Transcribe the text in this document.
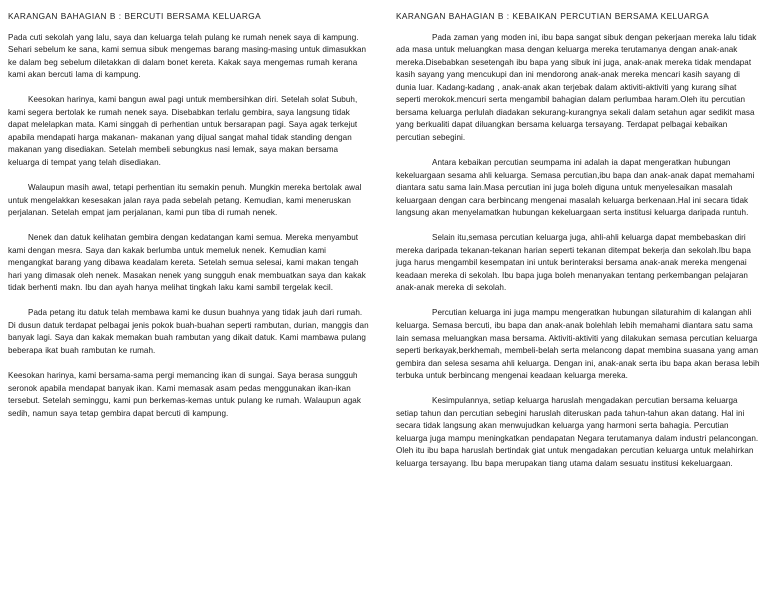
KARANGAN BAHAGIAN B : BERCUTI BERSAMA KELUARGA

Pada cuti sekolah yang lalu, saya dan keluarga telah pulang ke rumah nenek saya di kampung. Sehari sebelum ke sana, kami semua sibuk mengemas barang masing-masing untuk dimasukkan ke dalam beg sebelum diletakkan di dalam bonet kereta. Kakak saya mengemas rumah kerana kami akan bercuti lama di kampung.

Keesokan harinya, kami bangun awal pagi untuk membersihkan diri. Setelah solat Subuh, kami segera bertolak ke rumah nenek saya. Disebabkan terlalu gembira, saya langsung tidak dapat melelapkan mata. Kami singgah di perhentian untuk bersarapan pagi. Saya agak terkejut apabila mendapati harga makanan- makanan yang dijual sangat mahal tidak standing dengan makanan yang disediakan. Setelah membeli sebungkus nasi lemak, saya makan bersama keluarga di tempat yang telah disediakan.

Walaupun masih awal, tetapi perhentian itu semakin penuh. Mungkin mereka bertolak awal untuk mengelakkan kesesakan jalan raya pada sebelah petang. Kemudian, kami meneruskan perjalanan. Setelah empat jam perjalanan, kami pun tiba di rumah nenek.

Nenek dan datuk kelihatan gembira dengan kedatangan kami semua. Mereka menyambut kami dengan mesra. Saya dan kakak berlumba untuk memeluk nenek. Kemudian kami mengangkat barang yang dibawa keadalam kereta. Setelah semua selesai, kami makan tengah hari yang dimasak oleh nenek. Masakan nenek yang sungguh enak membuatkan saya dan kakak tidak berhenti makn. Ibu dan ayah hanya melihat tingkah laku kami sambil tergelak kecil.

Pada petang itu datuk telah membawa kami ke dusun buahnya yang tidak jauh dari rumah. Di dusun datuk terdapat pelbagai jenis pokok buah-buahan seperti rambutan, durian, manggis dan banyak lagi. Saya dan kakak memakan buah rambutan yang dikait datuk. Kami mambawa pulang beberapa ikat buah rambutan ke rumah.

Keesokan harinya, kami bersama-sama pergi memancing ikan di sungai. Saya berasa sungguh seronok apabila mendapat banyak ikan. Kami memasak asam pedas menggunakan ikan-ikan tersebut. Setelah seminggu, kami pun berkemas-kemas untuk pulang ke rumah. Walaupun agak sedih, namun saya tetap gembira dapat bercuti di kampung.

KARANGAN BAHAGIAN B : KEBAIKAN PERCUTIAN BERSAMA KELUARGA

Pada zaman yang moden ini, ibu bapa sangat sibuk dengan pekerjaan mereka lalu tidak ada masa untuk meluangkan masa dengan keluarga mereka terutamanya dengan anak-anak mereka.Disebabkan sesetengah ibu bapa yang sibuk ini juga, anak-anak mereka tidak mendapat kasih sayang yang mencukupi dan ini mendorong anak-anak mereka mencari kasih sayang di dunia luar. Kadang-kadang , anak-anak akan terjebak dalam aktiviti-aktiviti yang kurang sihat seperti merokok.mencuri serta mengambil bahagian dalam perlumbaa haram.Oleh itu percutian bersama keluarga perlulah diadakan sekurang-kurangnya sekali dalam setahun agar sedikit masa yang berkualiti dapat diluangkan bersama keluarga tersayang. Terdapat pelbagai kebaikan percutian sebegini.

Antara kebaikan percutian seumpama ini adalah ia dapat mengeratkan hubungan kekeluargaan sesama ahli keluarga. Semasa percutian,ibu bapa dan anak-anak dapat memahami diantara satu sama lain.Masa percutian ini juga boleh diguna untuk menyelesaikan masalah keluargaan dengan cara berbincang mengenai masalah keluarga berkenaan.Hal ini secara tidak langsung akan menyelamatkan hubungan kekeluargaan serta institusi keluarga daripada runtuh.

Selain itu,semasa percutian keluarga juga, ahli-ahli keluarga dapat membebaskan diri mereka daripada tekanan-tekanan harian seperti tekanan ditempat bekerja dan sekolah.Ibu bapa juga harus mengambil kesempatan ini untuk berinteraksi bersama anak-anak mereka mengenai keadaan mereka di sekolah. Ibu bapa juga boleh menanyakan tentang perkembangan pelajaran anak-anak mereka di sekolah.

Percutian keluarga ini juga mampu mengeratkan hubungan silaturahim di kalangan ahli keluarga. Semasa bercuti, ibu bapa dan anak-anak bolehlah lebih memahami diantara satu sama lain semasa meluangkan masa bersama. Aktiviti-aktiviti yang dilakukan semasa percutian keluarga seperti berkayak,berkhemah, membeli-belah serta melancong dapat membina suasana yang aman gembira dan selesa sesama ahli keluarga. Dengan ini, anak-anak serta ibu bapa akan berasa lebih terbuka untuk berbincang mengenai keadaan keluarga mereka.

Kesimpulannya, setiap keluarga haruslah mengadakan percutian bersama keluarga setiap tahun dan percutian sebegini haruslah diteruskan pada tahun-tahun akan datang. Hal ini secara tidak langsung akan menwujudkan keluarga yang harmoni serta bahagia. Percutian keluarga juga mampu meningkatkan pendapatan Negara terutamanya dalam industri pelancongan. Oleh itu ibu bapa haruslah bertindak giat untuk mengadakan percutian keluarga untuk melahirkan keluarga tersayang. Ibu bapa merupakan tiang utama dalam sesuatu institusi kekeluargaan.
